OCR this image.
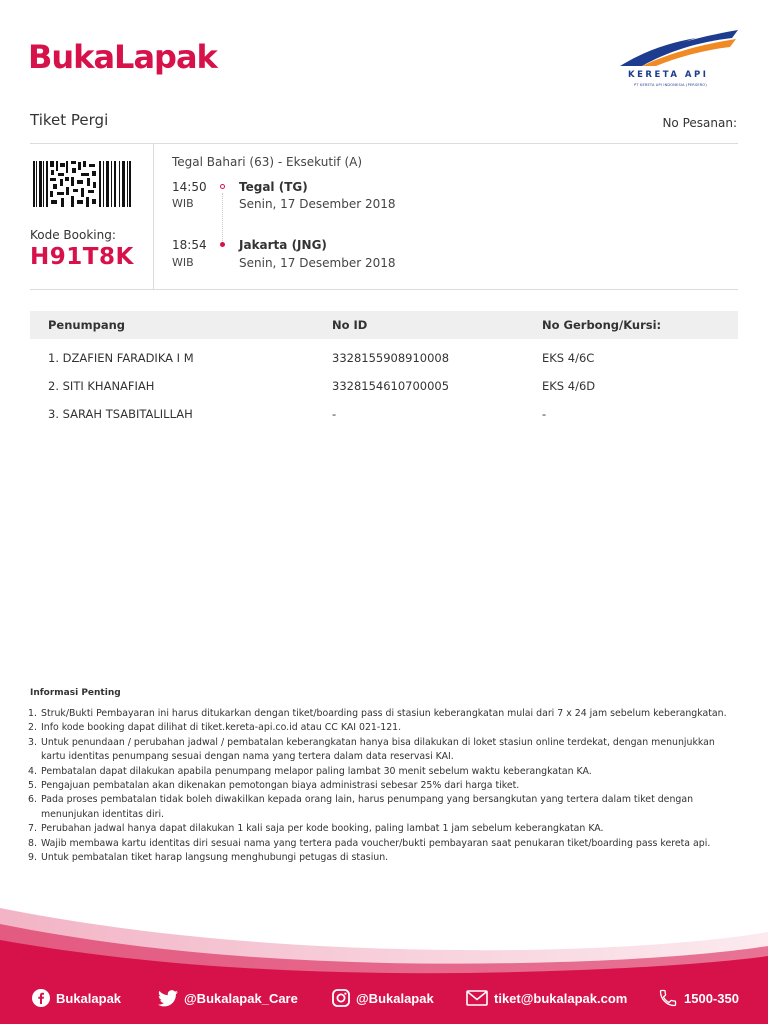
BukaLapak	KERETA API
PT KERETA API INDONESIA (PERSERO)
Tiket Pergi	No Pesanan:
Kode Booking:
H91T8K
Tegal Bahari (63) - Eksekutif (A)
14:50
WIB
Tegal (TG)
Senin, 17 Desember 2018
18:54
WIB
Jakarta (JNG)
Senin, 17 Desember 2018
Penumpang	No ID	No Gerbong/Kursi:
1. DZAFIEN FARADIKA I M	3328155908910008	EKS 4/6C
2. SITI KHANAFIAH	3328154610700005	EKS 4/6D
3. SARAH TSABITALILLAH	-	-
Informasi Penting
1. Struk/Bukti Pembayaran ini harus ditukarkan dengan tiket/boarding pass di stasiun keberangkatan mulai dari 7 x 24 jam sebelum keberangkatan.
2. Info kode booking dapat dilihat di tiket.kereta-api.co.id atau CC KAI 021-121.
3. Untuk penundaan / perubahan jadwal / pembatalan keberangkatan hanya bisa dilakukan di loket stasiun online terdekat, dengan menunjukkan kartu identitas penumpang sesuai dengan nama yang tertera dalam data reservasi KAI.
4. Pembatalan dapat dilakukan apabila penumpang melapor paling lambat 30 menit sebelum waktu keberangkatan KA.
5. Pengajuan pembatalan akan dikenakan pemotongan biaya administrasi sebesar 25% dari harga tiket.
6. Pada proses pembatalan tidak boleh diwakilkan kepada orang lain, harus penumpang yang bersangkutan yang tertera dalam tiket dengan menunjukan identitas diri.
7. Perubahan jadwal hanya dapat dilakukan 1 kali saja per kode booking, paling lambat 1 jam sebelum keberangkatan KA.
8. Wajib membawa kartu identitas diri sesuai nama yang tertera pada voucher/bukti pembayaran saat penukaran tiket/boarding pass kereta api.
9. Untuk pembatalan tiket harap langsung menghubungi petugas di stasiun.
Bukalapak	@Bukalapak_Care	@Bukalapak	tiket@bukalapak.com	1500-350
